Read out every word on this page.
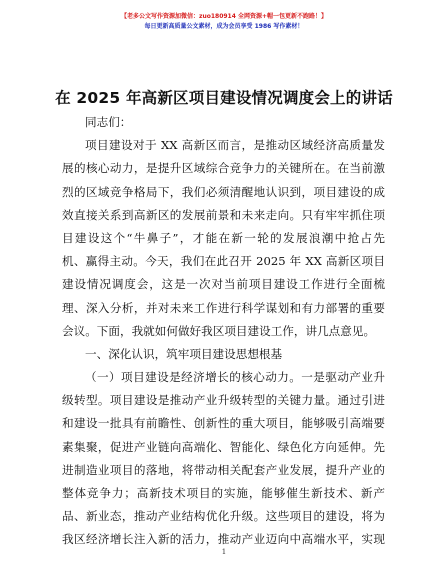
【老多公文写作资源加微信：zuo180914 全网资源+帽一包更新不跑路！】
每日更新高质量公文素材，成为会员享受 1986 写作素材！
在 2025 年高新区项目建设情况调度会上的讲话
同志们：
项目建设对于 XX 高新区而言，是推动区域经济高质量发
展的核心动力，是提升区域综合竞争力的关键所在。在当前激
烈的区域竞争格局下，我们必须清醒地认识到，项目建设的成
效直接关系到高新区的发展前景和未来走向。只有牢牢抓住项
目建设这个“牛鼻子”，才能在新一轮的发展浪潮中抢占先
机、赢得主动。今天，我们在此召开 2025 年 XX 高新区项目
建设情况调度会，这是一次对当前项目建设工作进行全面梳
理、深入分析，并对未来工作进行科学谋划和有力部署的重要
会议。下面，我就如何做好我区项目建设工作，讲几点意见。
一、深化认识，筑牢项目建设思想根基
（一）项目建设是经济增长的核心动力。一是驱动产业升
级转型。项目建设是推动产业升级转型的关键力量。通过引进
和建设一批具有前瞻性、创新性的重大项目，能够吸引高端要
素集聚，促进产业链向高端化、智能化、绿色化方向延伸。先
进制造业项目的落地，将带动相关配套产业发展，提升产业的
整体竞争力；高新技术项目的实施，能够催生新技术、新产
品、新业态，推动产业结构优化升级。这些项目的建设，将为
我区经济增长注入新的活力，推动产业迈向中高端水平，实现
1
